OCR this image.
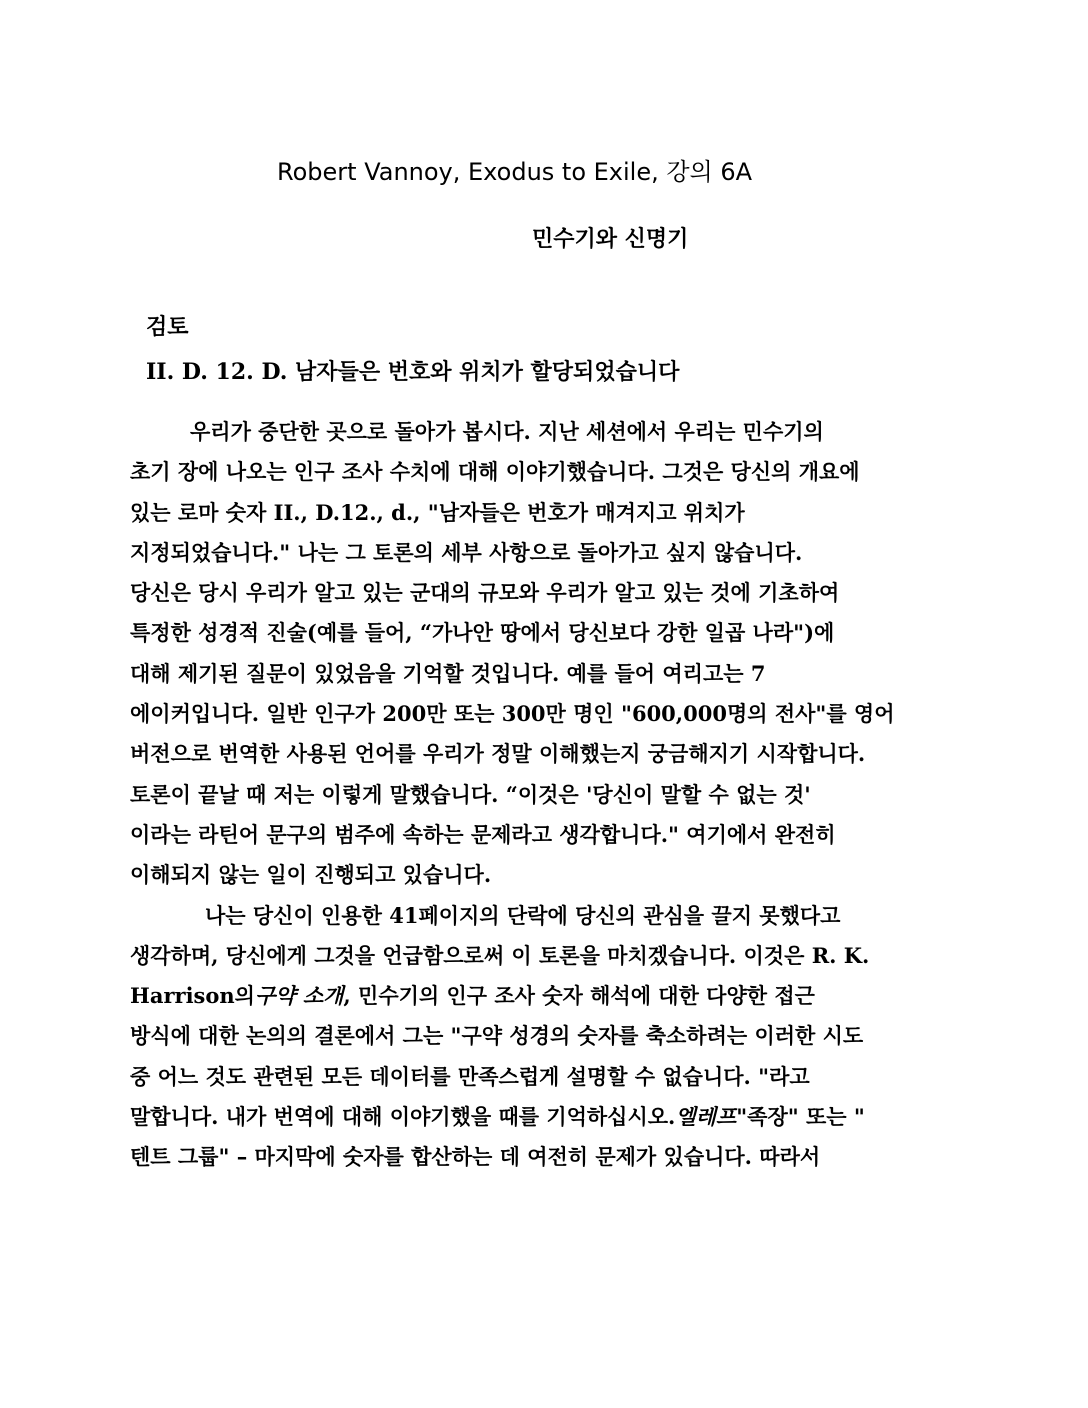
Robert Vannoy, Exodus to Exile, 강의 6A
민수기와 신명기
검토
II. D. 12. D. 남자들은 번호와 위치가 할당되었습니다
우리가 중단한 곳으로 돌아가 봅시다. 지난 세션에서 우리는 민수기의
초기 장에 나오는 인구 조사 수치에 대해 이야기했습니다. 그것은 당신의 개요에
있는 로마 숫자 II., D.12., d., "남자들은 번호가 매겨지고 위치가
지정되었습니다." 나는 그 토론의 세부 사항으로 돌아가고 싶지 않습니다.
당신은 당시 우리가 알고 있는 군대의 규모와 우리가 알고 있는 것에 기초하여
특정한 성경적 진술(예를 들어, “가나안 땅에서 당신보다 강한 일곱 나라")에
대해 제기된 질문이 있었음을 기억할 것입니다. 예를 들어 여리고는 7
에이커입니다. 일반 인구가 200만 또는 300만 명인 "600,000명의 전사"를 영어
버전으로 번역한 사용된 언어를 우리가 정말 이해했는지 궁금해지기 시작합니다.
토론이 끝날 때 저는 이렇게 말했습니다. “이것은 '당신이 말할 수 없는 것'
이라는 라틴어 문구의 범주에 속하는 문제라고 생각합니다." 여기에서 완전히
이해되지 않는 일이 진행되고 있습니다.
나는 당신이 인용한 41페이지의 단락에 당신의 관심을 끌지 못했다고
생각하며, 당신에게 그것을 언급함으로써 이 토론을 마치겠습니다. 이것은 R. K.
Harrison의구약 소개, 민수기의 인구 조사 숫자 해석에 대한 다양한 접근
방식에 대한 논의의 결론에서 그는 "구약 성경의 숫자를 축소하려는 이러한 시도
중 어느 것도 관련된 모든 데이터를 만족스럽게 설명할 수 없습니다. "라고
말합니다. 내가 번역에 대해 이야기했을 때를 기억하십시오.엘레프"족장" 또는 "
텐트 그룹" – 마지막에 숫자를 합산하는 데 여전히 문제가 있습니다. 따라서
